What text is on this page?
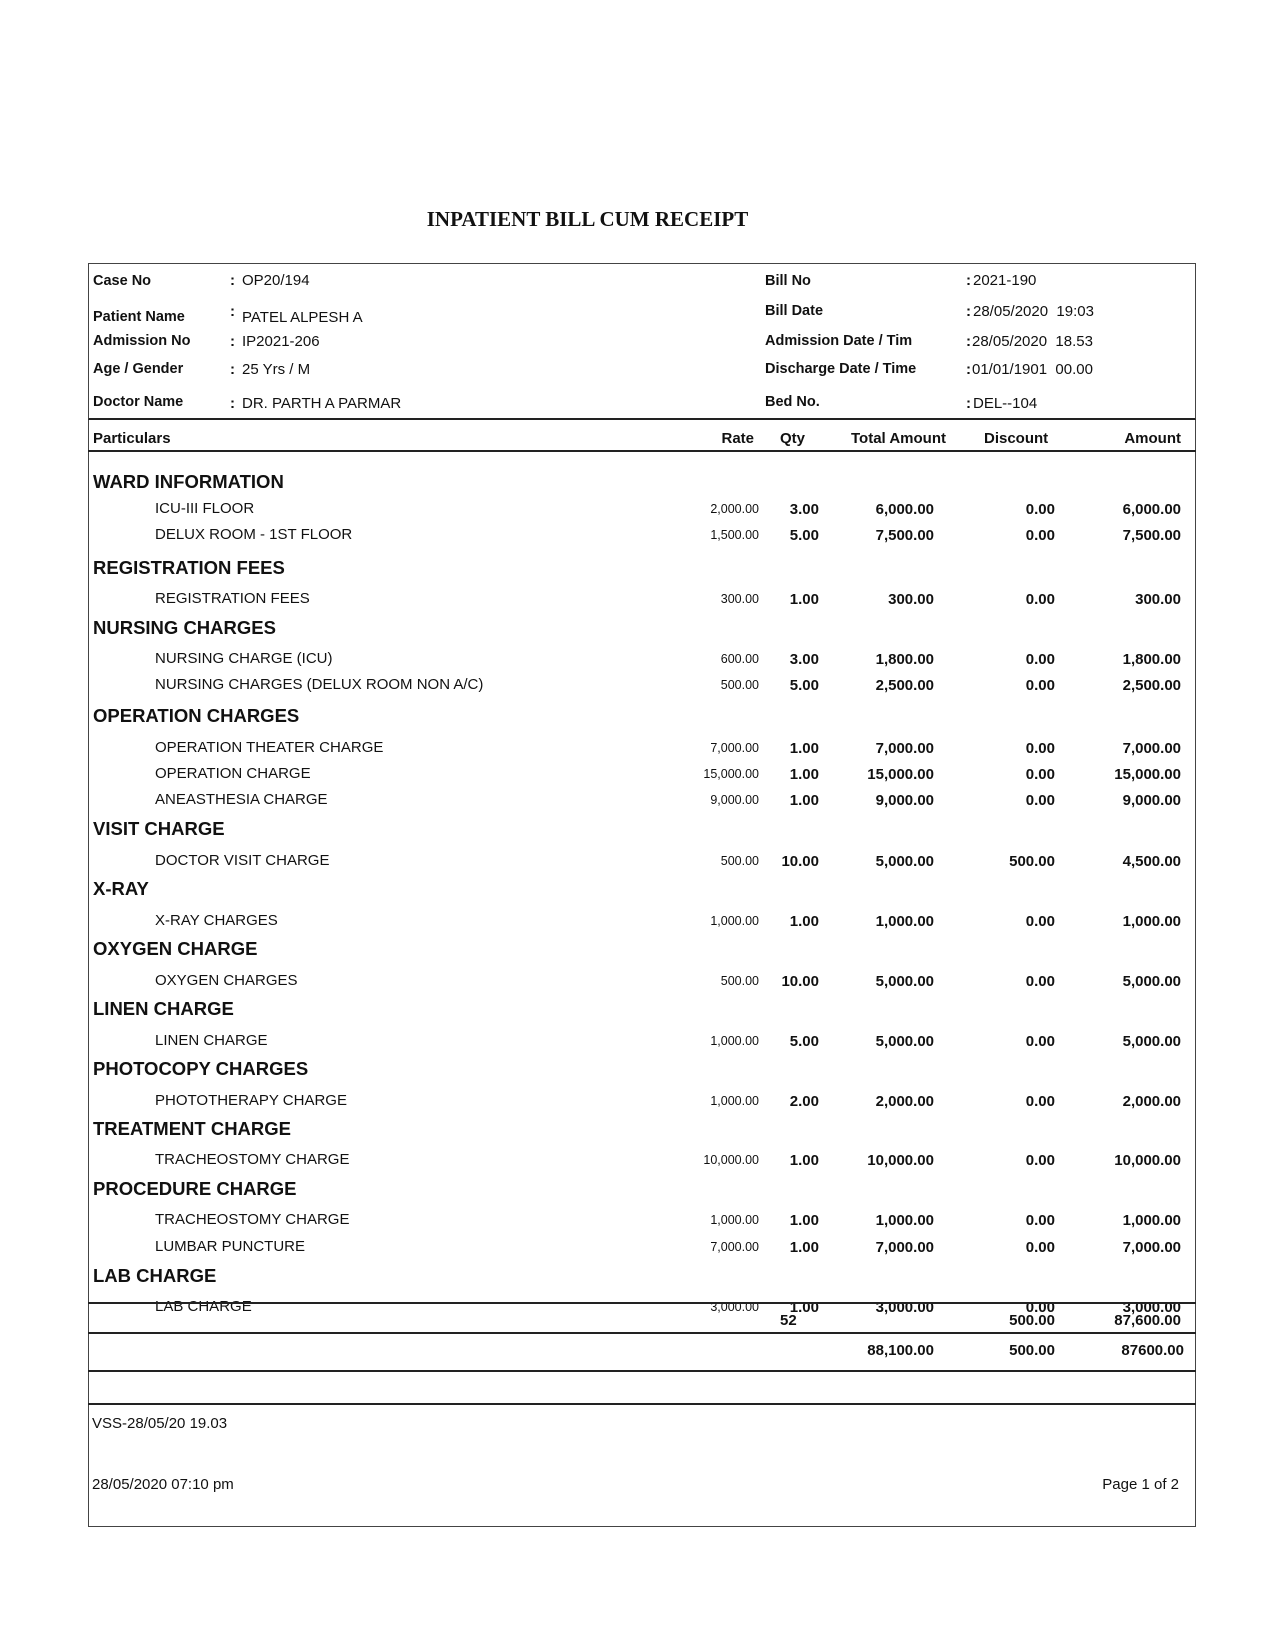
INPATIENT BILL CUM RECEIPT
Case No	: OP20/194
Patient Name	: PATEL ALPESH A
Admission No	: IP2021-206
Age / Gender	: 25 Yrs / M
Doctor Name	: DR. PARTH A PARMAR
Bill No	: 2021-190
Bill Date	: 28/05/2020  19:03
Admission Date / Tim	: 28/05/2020  18.53
Discharge Date / Time	: 01/01/1901  00.00
Bed No.	: DEL--104
Particulars	Rate Qty	Total Amount	Discount	Amount
WARD INFORMATION
ICU-III FLOOR	2,000.00 3.00	6,000.00	0.00	6,000.00
DELUX ROOM - 1ST FLOOR	1,500.00 5.00	7,500.00	0.00	7,500.00
REGISTRATION FEES
REGISTRATION FEES	300.00 1.00	300.00	0.00	300.00
NURSING CHARGES
NURSING CHARGE (ICU)	600.00 3.00	1,800.00	0.00	1,800.00
NURSING CHARGES (DELUX ROOM NON A/C)	500.00 5.00	2,500.00	0.00	2,500.00
OPERATION CHARGES
OPERATION THEATER CHARGE	7,000.00 1.00	7,000.00	0.00	7,000.00
OPERATION CHARGE	15,000.00 1.00	15,000.00	0.00	15,000.00
ANEASTHESIA CHARGE	9,000.00 1.00	9,000.00	0.00	9,000.00
VISIT CHARGE
DOCTOR VISIT CHARGE	500.00 10.00	5,000.00	500.00	4,500.00
X-RAY
X-RAY CHARGES	1,000.00 1.00	1,000.00	0.00	1,000.00
OXYGEN CHARGE
OXYGEN CHARGES	500.00 10.00	5,000.00	0.00	5,000.00
LINEN CHARGE
LINEN CHARGE	1,000.00 5.00	5,000.00	0.00	5,000.00
PHOTOCOPY CHARGES
PHOTOTHERAPY CHARGE	1,000.00 2.00	2,000.00	0.00	2,000.00
TREATMENT CHARGE
TRACHEOSTOMY CHARGE	10,000.00 1.00	10,000.00	0.00	10,000.00
PROCEDURE CHARGE
TRACHEOSTOMY CHARGE	1,000.00 1.00	1,000.00	0.00	1,000.00
LUMBAR PUNCTURE	7,000.00 1.00	7,000.00	0.00	7,000.00
LAB CHARGE
LAB CHARGE	3,000.00 1.00	3,000.00	0.00	3,000.00
52	500.00	87,600.00
88,100.00	500.00	87600.00
VSS-28/05/20 19.03
28/05/2020 07:10 pm	Page 1 of 2
